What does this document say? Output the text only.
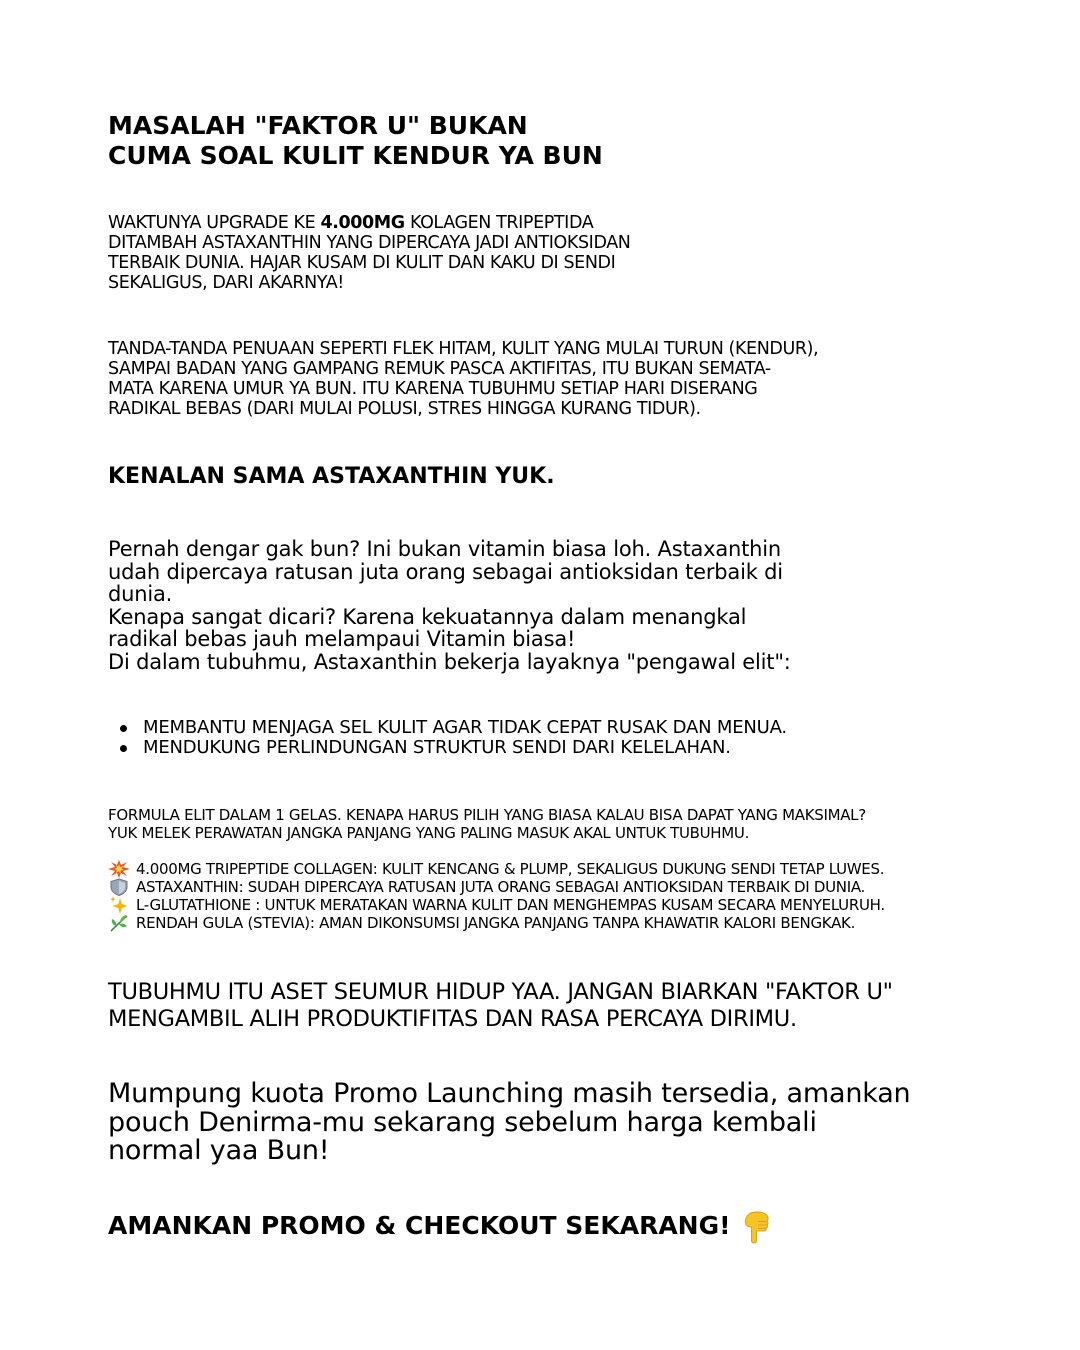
MASALAH "FAKTOR U" BUKAN
CUMA SOAL KULIT KENDUR YA BUN

WAKTUNYA UPGRADE KE 4.000MG KOLAGEN TRIPEPTIDA
DITAMBAH ASTAXANTHIN YANG DIPERCAYA JADI ANTIOKSIDAN
TERBAIK DUNIA. HAJAR KUSAM DI KULIT DAN KAKU DI SENDI
SEKALIGUS, DARI AKARNYA!

TANDA-TANDA PENUAAN SEPERTI FLEK HITAM, KULIT YANG MULAI TURUN (KENDUR),
SAMPAI BADAN YANG GAMPANG REMUK PASCA AKTIFITAS, ITU BUKAN SEMATA-
MATA KARENA UMUR YA BUN. ITU KARENA TUBUHMU SETIAP HARI DISERANG
RADIKAL BEBAS (DARI MULAI POLUSI, STRES HINGGA KURANG TIDUR).

KENALAN SAMA ASTAXANTHIN YUK.

Pernah dengar gak bun? Ini bukan vitamin biasa loh. Astaxanthin
udah dipercaya ratusan juta orang sebagai antioksidan terbaik di
dunia.
Kenapa sangat dicari? Karena kekuatannya dalam menangkal
radikal bebas jauh melampaui Vitamin biasa!
Di dalam tubuhmu, Astaxanthin bekerja layaknya "pengawal elit":

MEMBANTU MENJAGA SEL KULIT AGAR TIDAK CEPAT RUSAK DAN MENUA.
MENDUKUNG PERLINDUNGAN STRUKTUR SENDI DARI KELELAHAN.

FORMULA ELIT DALAM 1 GELAS. KENAPA HARUS PILIH YANG BIASA KALAU BISA DAPAT YANG MAKSIMAL?
YUK MELEK PERAWATAN JANGKA PANJANG YANG PALING MASUK AKAL UNTUK TUBUHMU.

4.000MG TRIPEPTIDE COLLAGEN: KULIT KENCANG & PLUMP, SEKALIGUS DUKUNG SENDI TETAP LUWES.
ASTAXANTHIN: SUDAH DIPERCAYA RATUSAN JUTA ORANG SEBAGAI ANTIOKSIDAN TERBAIK DI DUNIA.
L-GLUTATHIONE : UNTUK MERATAKAN WARNA KULIT DAN MENGHEMPAS KUSAM SECARA MENYELURUH.
RENDAH GULA (STEVIA): AMAN DIKONSUMSI JANGKA PANJANG TANPA KHAWATIR KALORI BENGKAK.

TUBUHMU ITU ASET SEUMUR HIDUP YAA. JANGAN BIARKAN "FAKTOR U"
MENGAMBIL ALIH PRODUKTIFITAS DAN RASA PERCAYA DIRIMU.

Mumpung kuota Promo Launching masih tersedia, amankan
pouch Denirma-mu sekarang sebelum harga kembali
normal yaa Bun!

AMANKAN PROMO & CHECKOUT SEKARANG!
